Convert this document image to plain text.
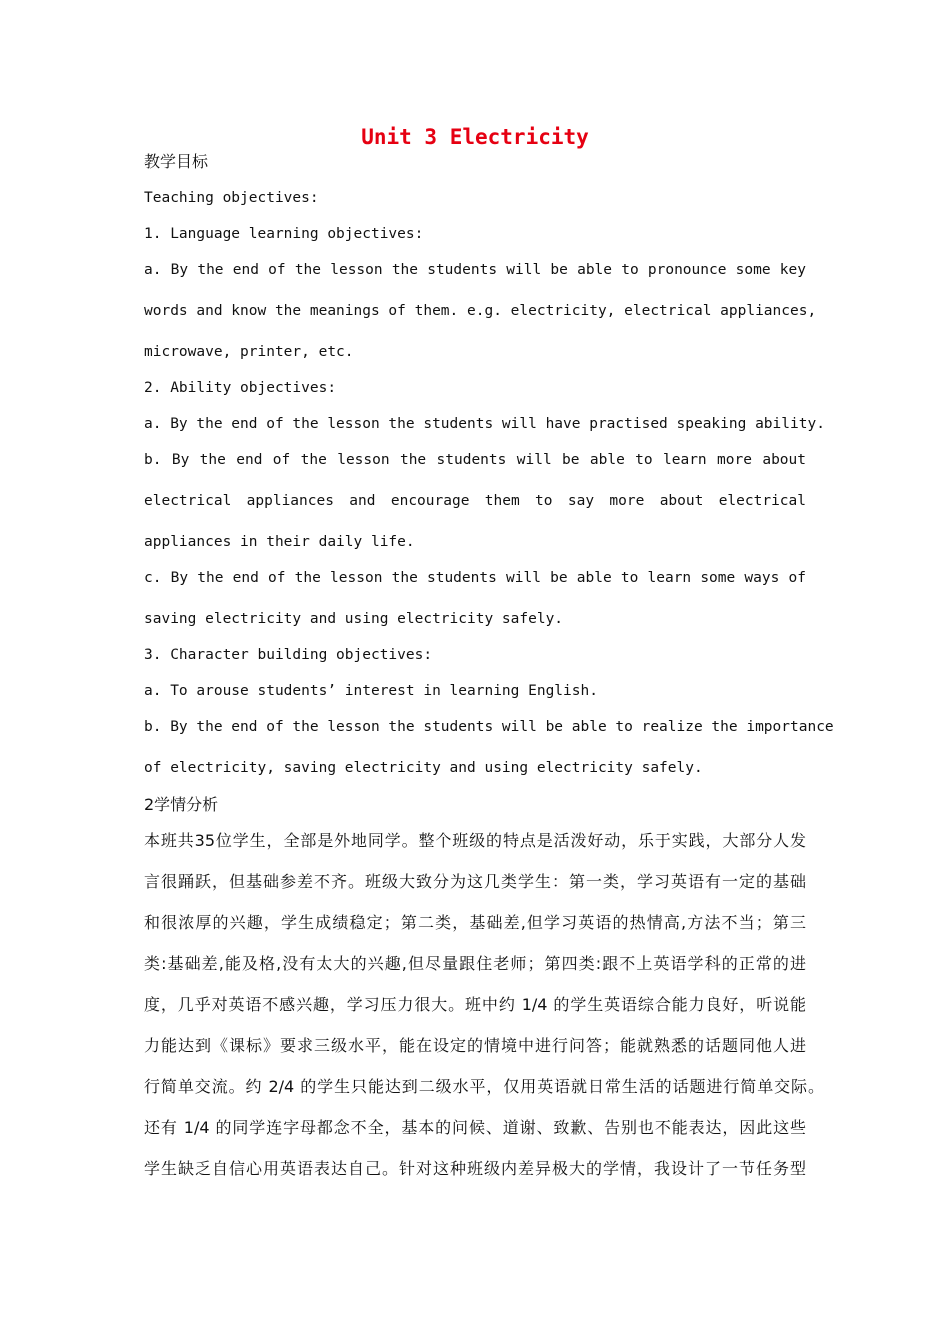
Unit 3 Electricity
教学目标
Teaching objectives:
1. Language learning objectives:
a. By the end of the lesson the students will be able to pronounce some key
words and know the meanings of them. e.g. electricity, electrical appliances,
microwave, printer, etc.
2. Ability objectives:
a. By the end of the lesson the students will have practised speaking ability.
b. By the end of the lesson the students will be able to learn more about
electrical appliances and encourage them to say more about electrical
appliances in their daily life.
c. By the end of the lesson the students will be able to learn some ways of
saving electricity and using electricity safely.
3. Character building objectives:
a. To arouse students’ interest in learning English.
b. By the end of the lesson the students will be able to realize the importance
of electricity, saving electricity and using electricity safely.
2学情分析
本班共35位学生，全部是外地同学。整个班级的特点是活泼好动，乐于实践，大部分人发
言很踊跃，但基础参差不齐。班级大致分为这几类学生：第一类，学习英语有一定的基础
和很浓厚的兴趣，学生成绩稳定；第二类，基础差,但学习英语的热情高,方法不当；第三
类:基础差,能及格,没有太大的兴趣,但尽量跟住老师；第四类:跟不上英语学科的正常的进
度，几乎对英语不感兴趣，学习压力很大。班中约 1/4 的学生英语综合能力良好，听说能
力能达到《课标》要求三级水平，能在设定的情境中进行问答；能就熟悉的话题同他人进
行简单交流。约 2/4 的学生只能达到二级水平，仅用英语就日常生活的话题进行简单交际。
还有 1/4 的同学连字母都念不全，基本的问候、道谢、致歉、告别也不能表达，因此这些
学生缺乏自信心用英语表达自己。针对这种班级内差异极大的学情，我设计了一节任务型
